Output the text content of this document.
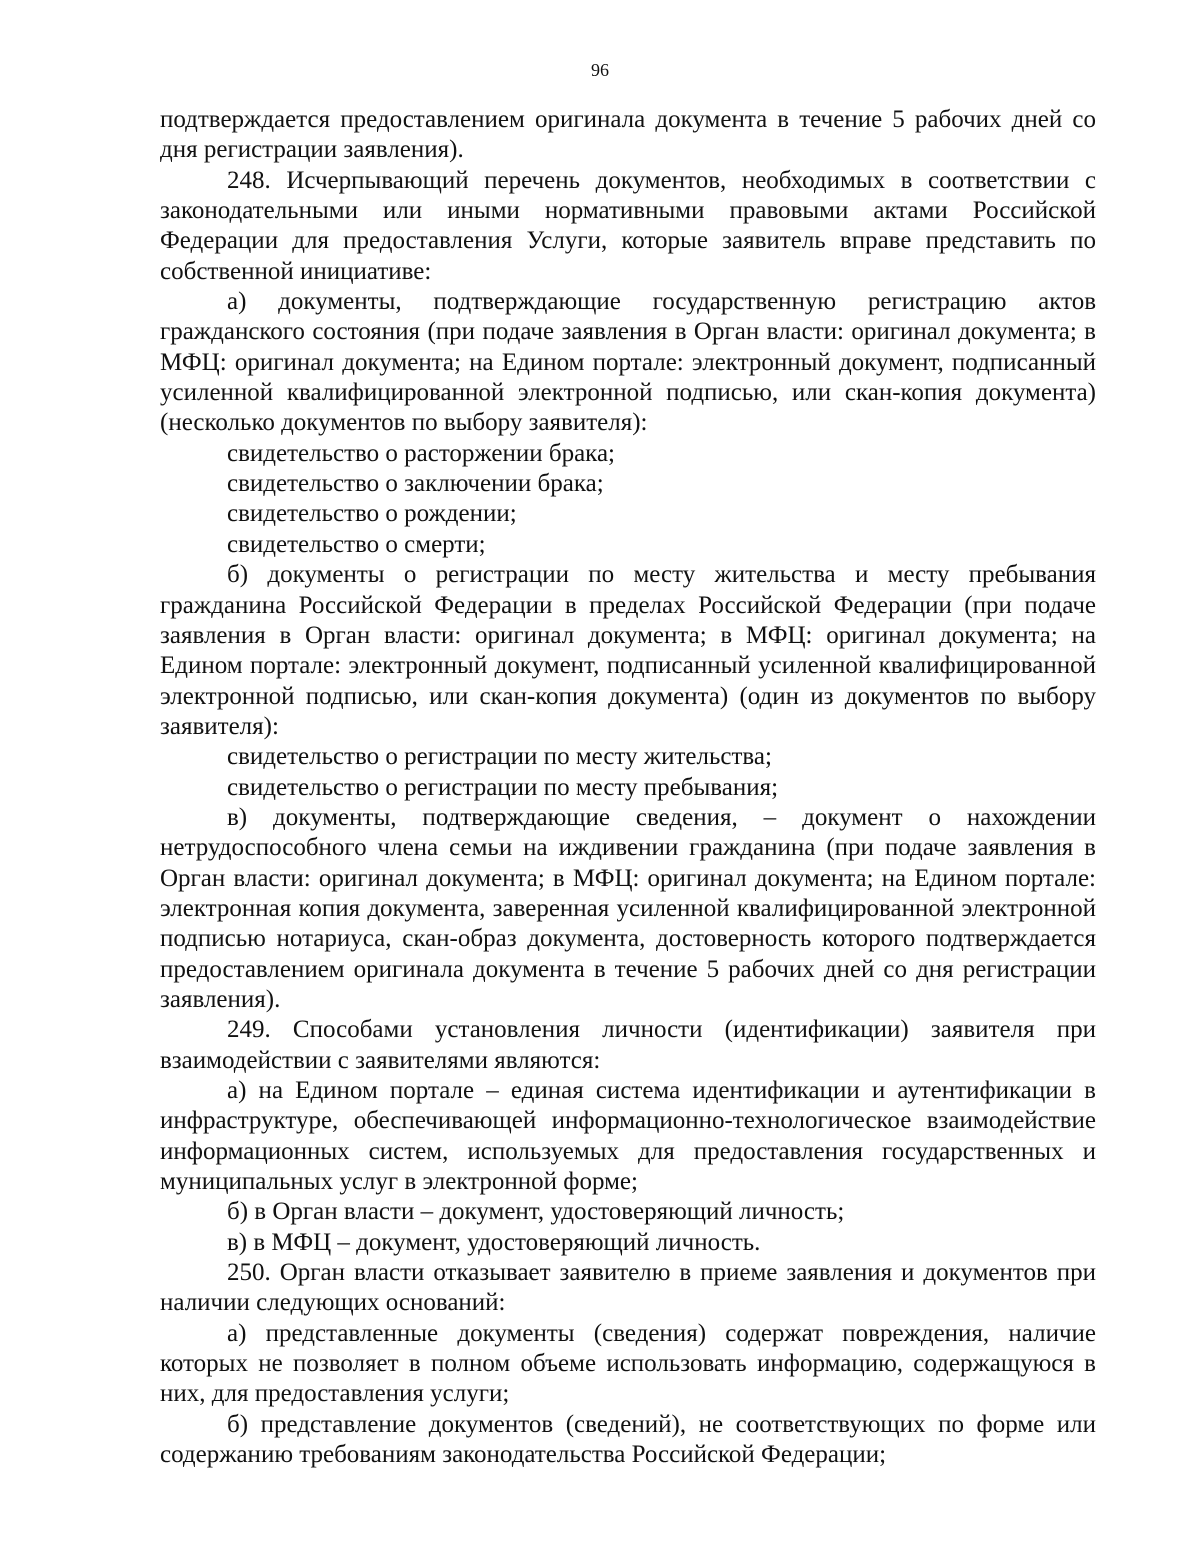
96

подтверждается предоставлением оригинала документа в течение 5 рабочих дней со дня регистрации заявления).

248. Исчерпывающий перечень документов, необходимых в соответствии с законодательными или иными нормативными правовыми актами Российской Федерации для предоставления Услуги, которые заявитель вправе представить по собственной инициативе:

а) документы, подтверждающие государственную регистрацию актов гражданского состояния (при подаче заявления в Орган власти: оригинал документа; в МФЦ: оригинал документа; на Едином портале: электронный документ, подписанный усиленной квалифицированной электронной подписью, или скан-копия документа) (несколько документов по выбору заявителя):

свидетельство о расторжении брака;

свидетельство о заключении брака;

свидетельство о рождении;

свидетельство о смерти;

б) документы о регистрации по месту жительства и месту пребывания гражданина Российской Федерации в пределах Российской Федерации (при подаче заявления в Орган власти: оригинал документа; в МФЦ: оригинал документа; на Едином портале: электронный документ, подписанный усиленной квалифицированной электронной подписью, или скан-копия документа) (один из документов по выбору заявителя):

свидетельство о регистрации по месту жительства;

свидетельство о регистрации по месту пребывания;

в) документы, подтверждающие сведения, – документ о нахождении нетрудоспособного члена семьи на иждивении гражданина (при подаче заявления в Орган власти: оригинал документа; в МФЦ: оригинал документа; на Едином портале: электронная копия документа, заверенная усиленной квалифицированной электронной подписью нотариуса, скан-образ документа, достоверность которого подтверждается предоставлением оригинала документа в течение 5 рабочих дней со дня регистрации заявления).

249. Способами установления личности (идентификации) заявителя при взаимодействии с заявителями являются:

а) на Едином портале – единая система идентификации и аутентификации в инфраструктуре, обеспечивающей информационно-технологическое взаимодействие информационных систем, используемых для предоставления государственных и муниципальных услуг в электронной форме;

б) в Орган власти – документ, удостоверяющий личность;

в) в МФЦ – документ, удостоверяющий личность.

250. Орган власти отказывает заявителю в приеме заявления и документов при наличии следующих оснований:

а) представленные документы (сведения) содержат повреждения, наличие которых не позволяет в полном объеме использовать информацию, содержащуюся в них, для предоставления услуги;

б) представление документов (сведений), не соответствующих по форме или содержанию требованиям законодательства Российской Федерации;
